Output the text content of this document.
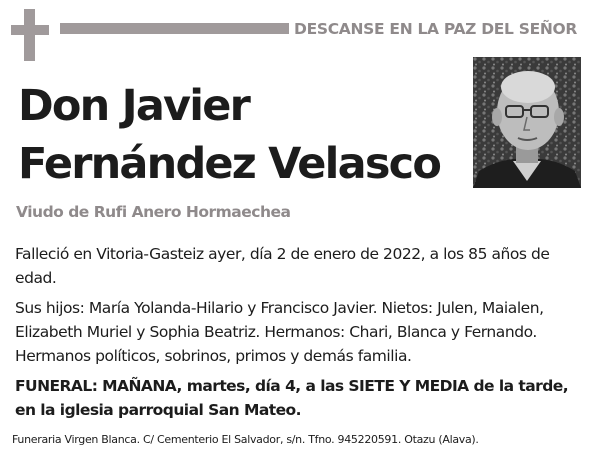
DESCANSE EN LA PAZ DEL SEÑOR
Don Javier
Fernández Velasco
Viudo de Rufi Anero Hormaechea
Falleció en Vitoria-Gasteiz ayer, día 2 de enero de 2022, a los 85 años de edad.
Sus hijos: María Yolanda-Hilario y Francisco Javier. Nietos: Julen, Maialen, Elizabeth Muriel y Sophia Beatriz. Hermanos: Chari, Blanca y Fernando. Hermanos políticos, sobrinos, primos y demás familia.
FUNERAL: MAÑANA, martes, día 4, a las SIETE Y MEDIA de la tarde, en la iglesia parroquial San Mateo.
Funeraria Virgen Blanca. C/ Cementerio El Salvador, s/n. Tfno. 945220591. Otazu (Alava).
